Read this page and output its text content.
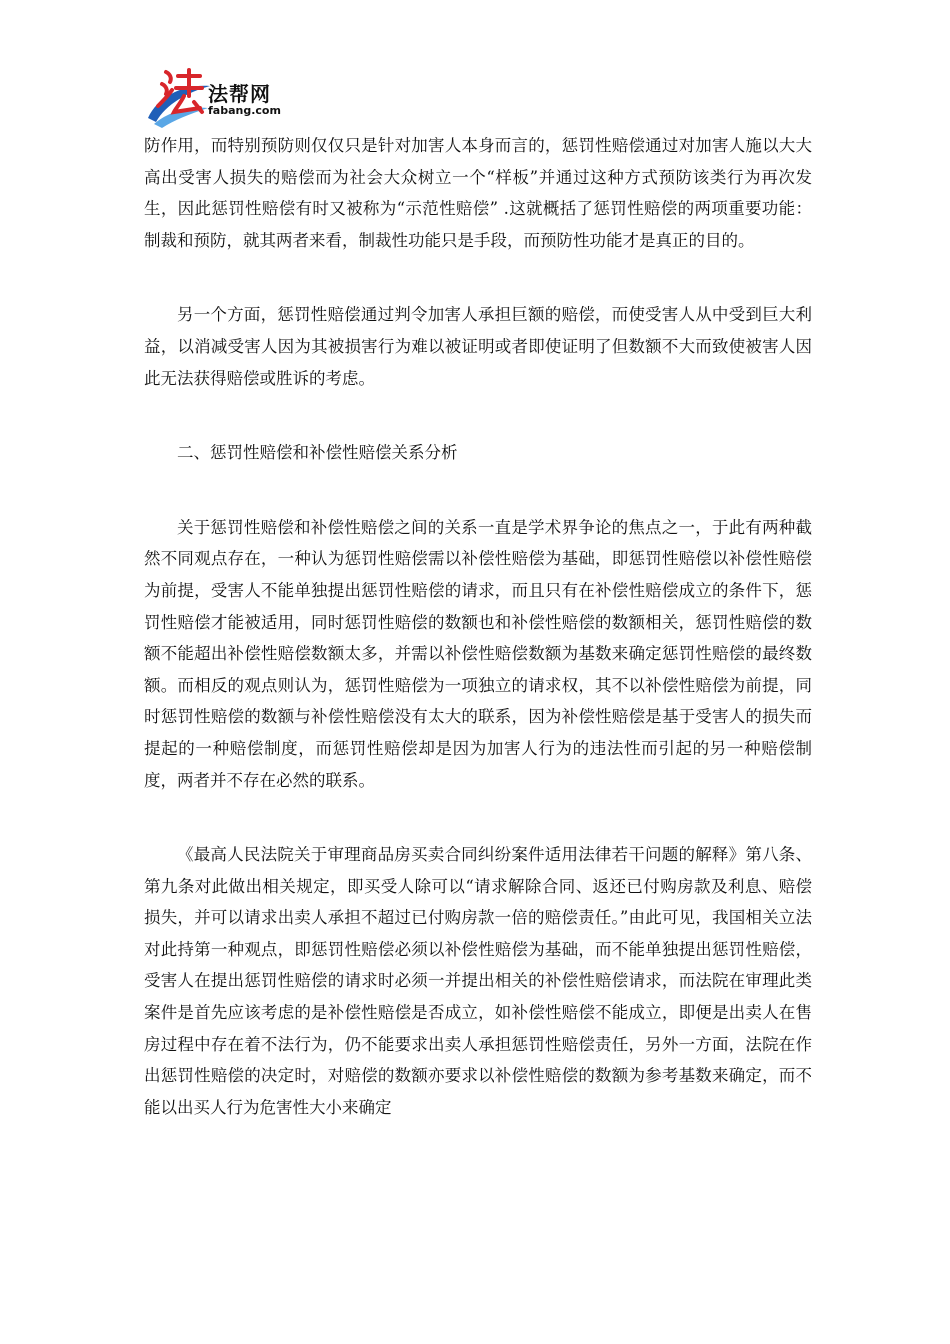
法帮网
fabang.com

防作用，而特别预防则仅仅只是针对加害人本身而言的，惩罚性赔偿通过对加害人施以大大高出受害人损失的赔偿而为社会大众树立一个“样板”并通过这种方式预防该类行为再次发生，因此惩罚性赔偿有时又被称为“示范性赔偿” .这就概括了惩罚性赔偿的两项重要功能：制裁和预防，就其两者来看，制裁性功能只是手段，而预防性功能才是真正的目的。

另一个方面，惩罚性赔偿通过判令加害人承担巨额的赔偿，而使受害人从中受到巨大利益，以消减受害人因为其被损害行为难以被证明或者即使证明了但数额不大而致使被害人因此无法获得赔偿或胜诉的考虑。

二、惩罚性赔偿和补偿性赔偿关系分析

关于惩罚性赔偿和补偿性赔偿之间的关系一直是学术界争论的焦点之一，于此有两种截然不同观点存在，一种认为惩罚性赔偿需以补偿性赔偿为基础，即惩罚性赔偿以补偿性赔偿为前提，受害人不能单独提出惩罚性赔偿的请求，而且只有在补偿性赔偿成立的条件下，惩罚性赔偿才能被适用，同时惩罚性赔偿的数额也和补偿性赔偿的数额相关，惩罚性赔偿的数额不能超出补偿性赔偿数额太多，并需以补偿性赔偿数额为基数来确定惩罚性赔偿的最终数额。而相反的观点则认为，惩罚性赔偿为一项独立的请求权，其不以补偿性赔偿为前提，同时惩罚性赔偿的数额与补偿性赔偿没有太大的联系，因为补偿性赔偿是基于受害人的损失而提起的一种赔偿制度，而惩罚性赔偿却是因为加害人行为的违法性而引起的另一种赔偿制度，两者并不存在必然的联系。

《最高人民法院关于审理商品房买卖合同纠纷案件适用法律若干问题的解释》第八条、第九条对此做出相关规定，即买受人除可以“请求解除合同、返还已付购房款及利息、赔偿损失，并可以请求出卖人承担不超过已付购房款一倍的赔偿责任。”由此可见，我国相关立法对此持第一种观点，即惩罚性赔偿必须以补偿性赔偿为基础，而不能单独提出惩罚性赔偿，受害人在提出惩罚性赔偿的请求时必须一并提出相关的补偿性赔偿请求，而法院在审理此类案件是首先应该考虑的是补偿性赔偿是否成立，如补偿性赔偿不能成立，即便是出卖人在售房过程中存在着不法行为，仍不能要求出卖人承担惩罚性赔偿责任，另外一方面，法院在作出惩罚性赔偿的决定时，对赔偿的数额亦要求以补偿性赔偿的数额为参考基数来确定，而不能以出买人行为危害性大小来确定
